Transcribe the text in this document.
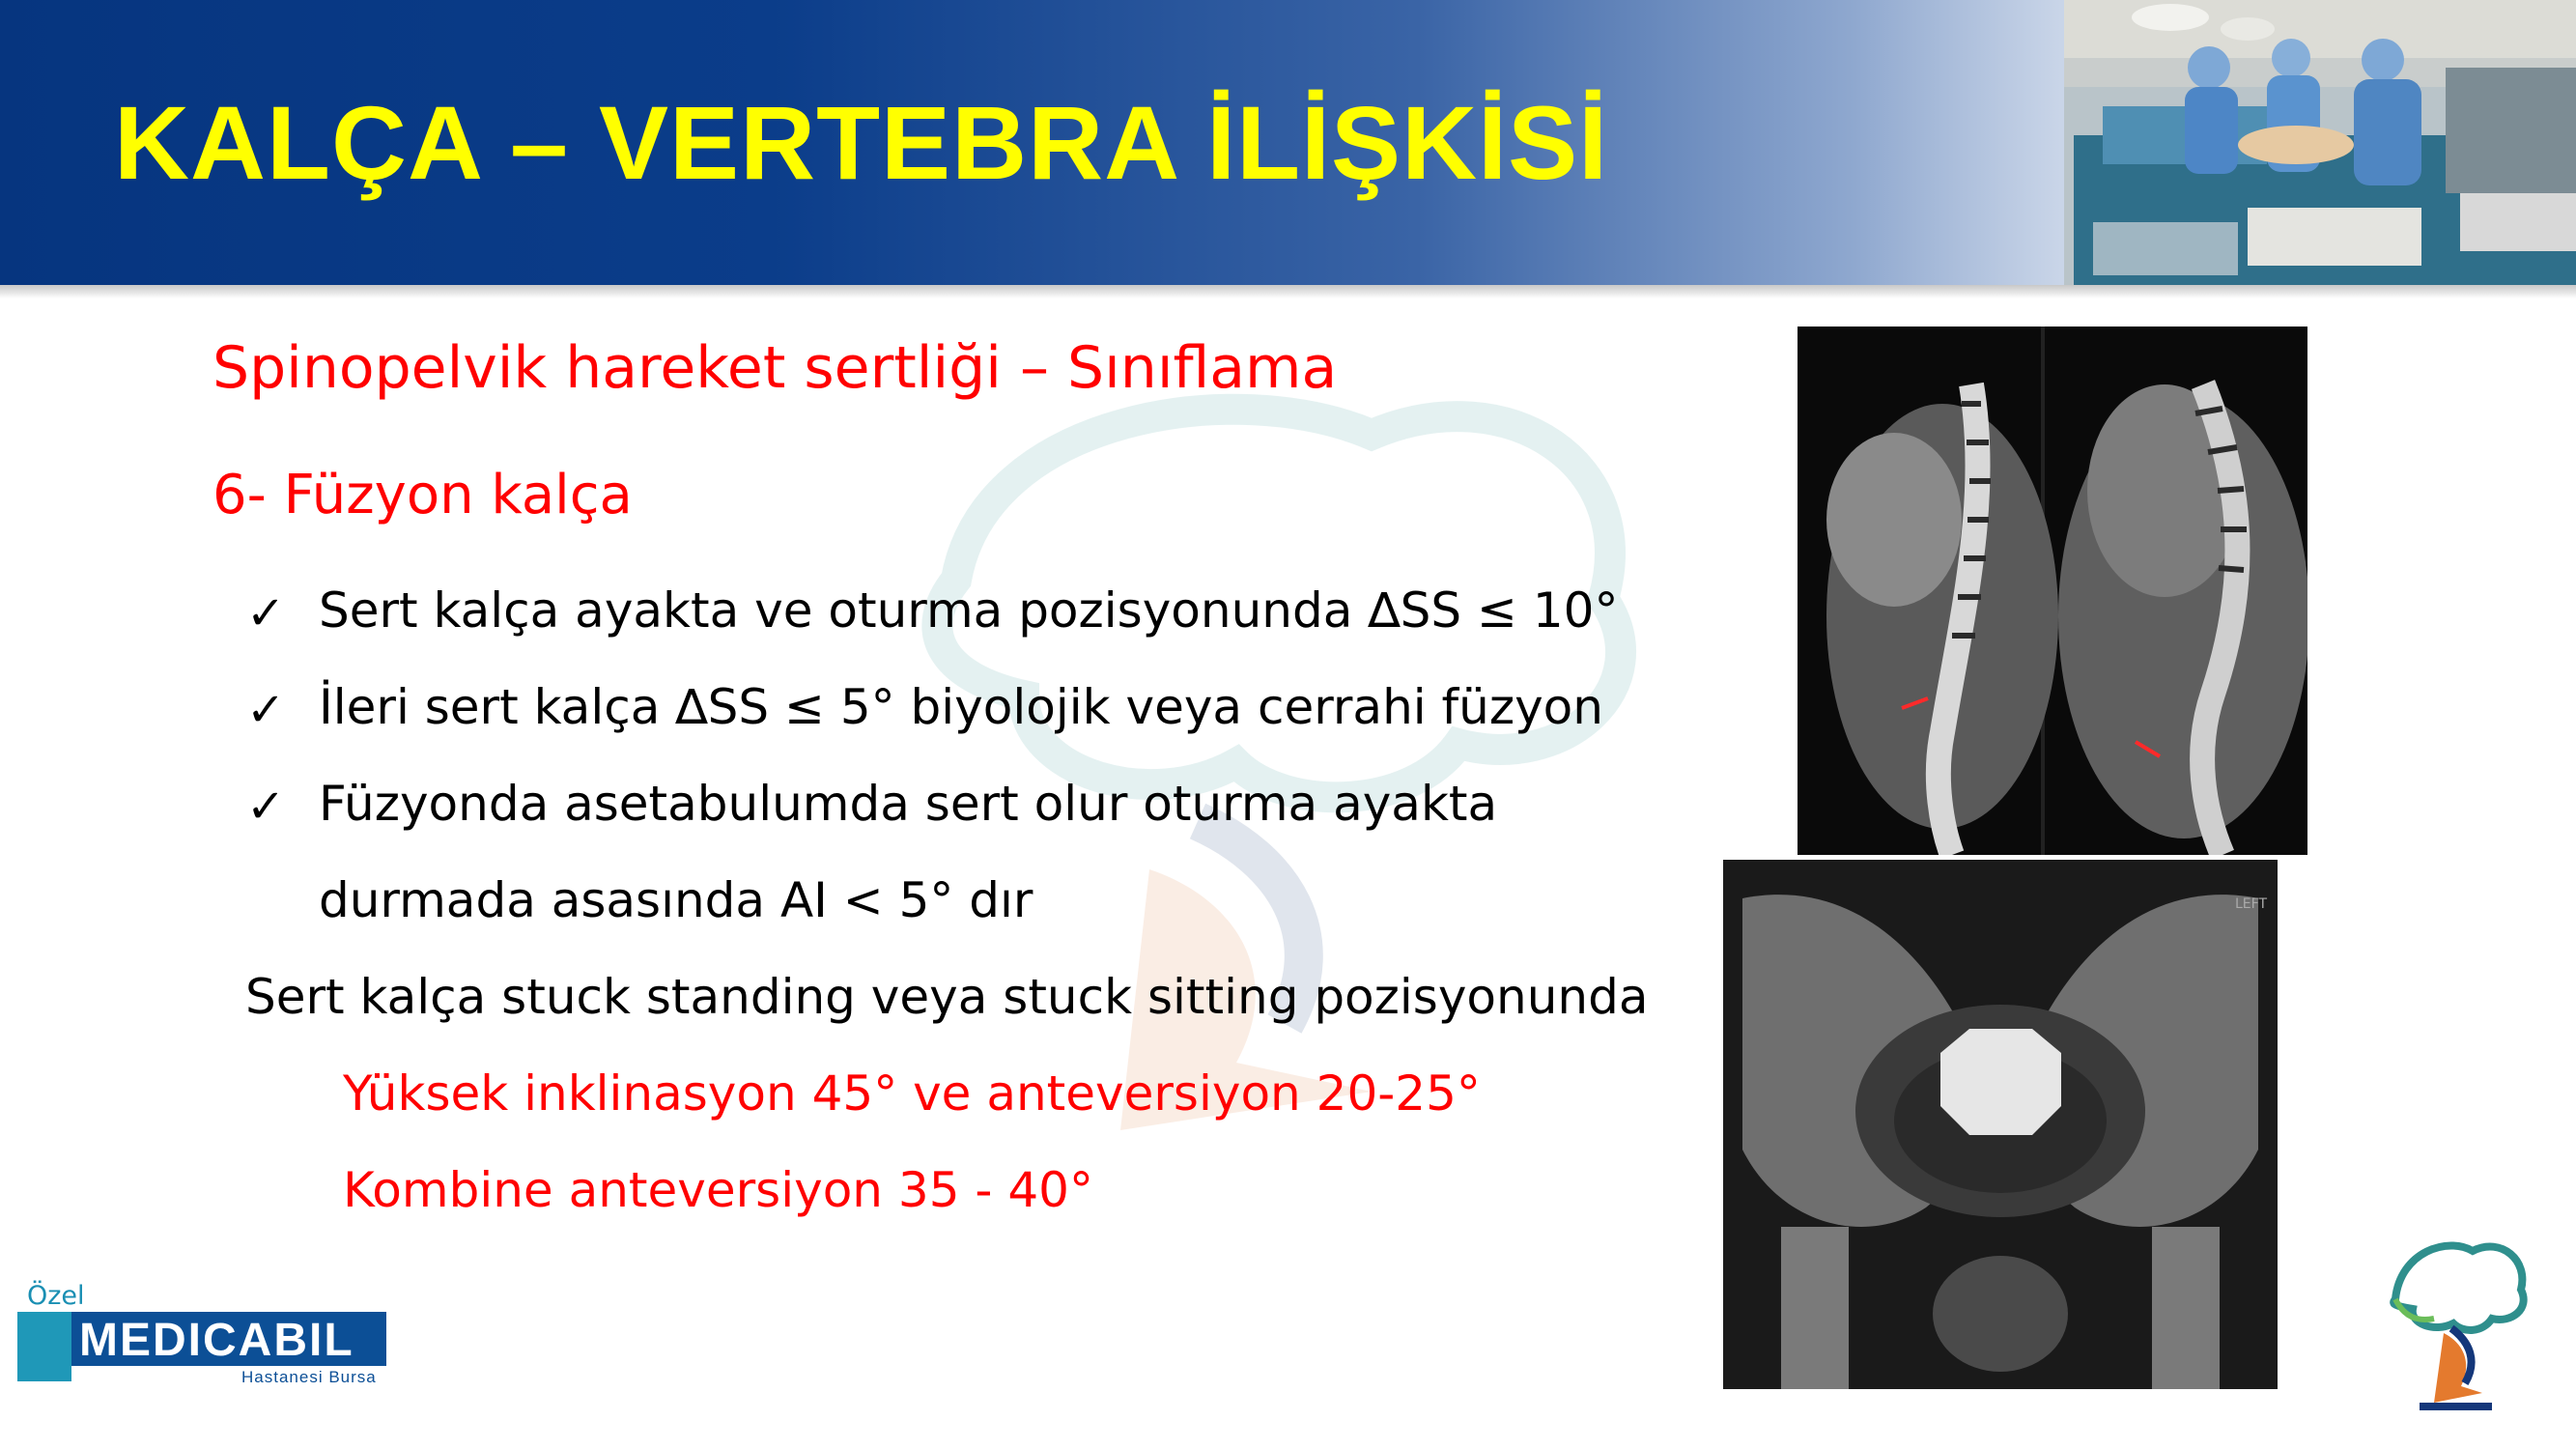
KALÇA – VERTEBRA İLİŞKİSİ
Spinopelvik hareket sertliği – Sınıflama
6- Füzyon kalça
✓ Sert kalça ayakta ve oturma pozisyonunda ∆SS ≤ 10°
✓ İleri sert kalça ∆SS ≤ 5° biyolojik veya cerrahi füzyon
✓ Füzyonda asetabulumda sert olur oturma ayakta
durmada asasında AI < 5° dır
Sert kalça stuck standing veya stuck sitting pozisyonunda
Yüksek inklinasyon 45° ve anteversiyon 20-25°
Kombine anteversiyon 35 - 40°
LEFT
Özel
MEDICABIL
Hastanesi Bursa
